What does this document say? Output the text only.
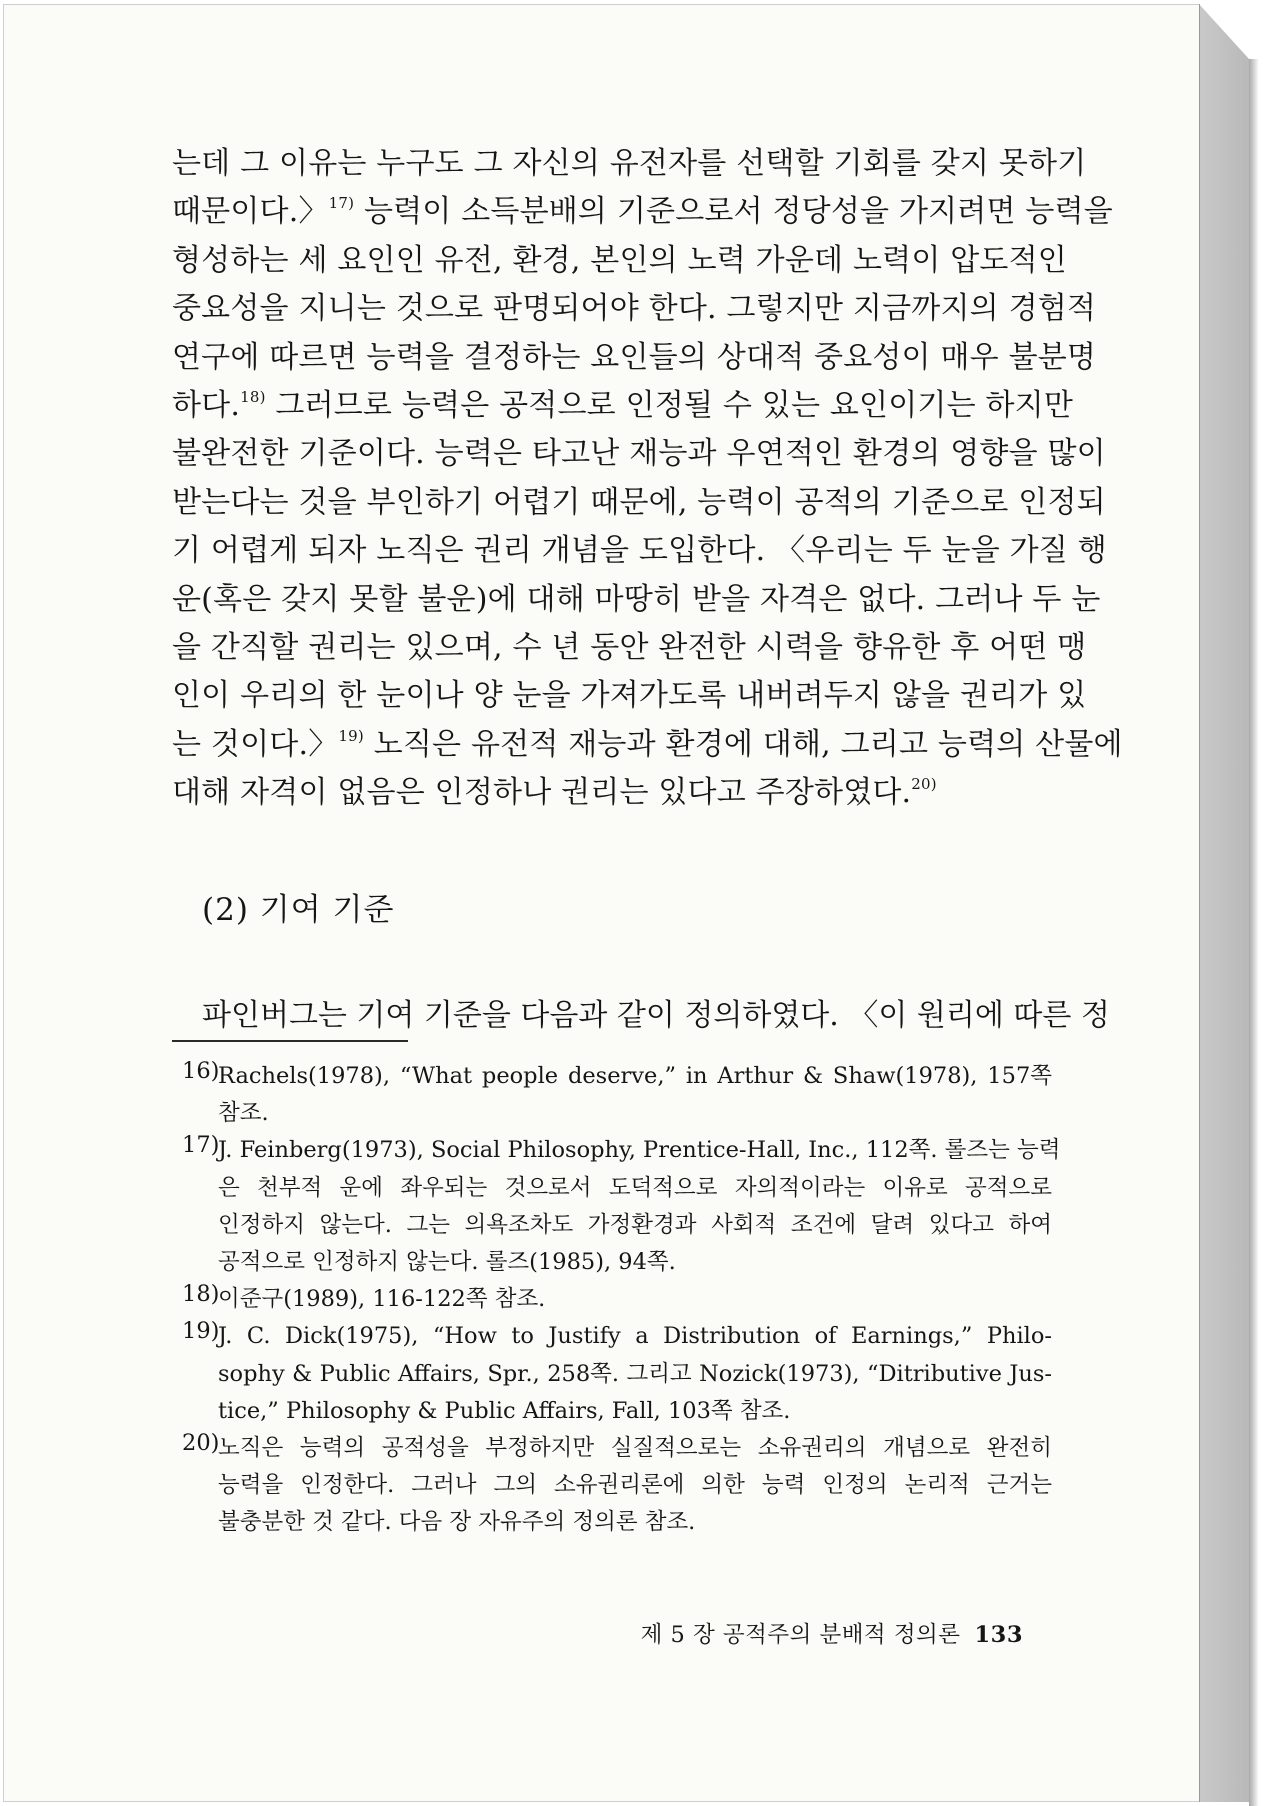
는데 그 이유는 누구도 그 자신의 유전자를 선택할 기회를 갖지 못하기
때문이다.〉$^{17)}$ 능력이 소득분배의 기준으로서 정당성을 가지려면 능력을
형성하는 세 요인인 유전, 환경, 본인의 노력 가운데 노력이 압도적인
중요성을 지니는 것으로 판명되어야 한다. 그렇지만 지금까지의 경험적
연구에 따르면 능력을 결정하는 요인들의 상대적 중요성이 매우 불분명
하다.$^{18)}$ 그러므로 능력은 공적으로 인정될 수 있는 요인이기는 하지만
불완전한 기준이다. 능력은 타고난 재능과 우연적인 환경의 영향을 많이
받는다는 것을 부인하기 어렵기 때문에, 능력이 공적의 기준으로 인정되
기 어렵게 되자 노직은 권리 개념을 도입한다. 〈우리는 두 눈을 가질 행
운(혹은 갖지 못할 불운)에 대해 마땅히 받을 자격은 없다. 그러나 두 눈
을 간직할 권리는 있으며, 수 년 동안 완전한 시력을 향유한 후 어떤 맹
인이 우리의 한 눈이나 양 눈을 가져가도록 내버려두지 않을 권리가 있
는 것이다.〉$^{19)}$ 노직은 유전적 재능과 환경에 대해, 그리고 능력의 산물에
대해 자격이 없음은 인정하나 권리는 있다고 주장하였다.$^{20)}$
(2) 기여 기준
파인버그는 기여 기준을 다음과 같이 정의하였다. 〈이 원리에 따른 정
16)
Rachels(1978), “What people deserve,” in Arthur & Shaw(1978), 157쪽
참조.
17)
J. Feinberg(1973), Social Philosophy, Prentice-Hall, Inc., 112쪽. 롤즈는 능력
은 천부적 운에 좌우되는 것으로서 도덕적으로 자의적이라는 이유로 공적으로
인정하지 않는다. 그는 의욕조차도 가정환경과 사회적 조건에 달려 있다고 하여
공적으로 인정하지 않는다. 롤즈(1985), 94쪽.
18)
이준구(1989), 116-122쪽 참조.
19)
J. C. Dick(1975), “How to Justify a Distribution of Earnings,” Philo-
sophy & Public Affairs, Spr., 258쪽. 그리고 Nozick(1973), “Ditributive Jus-
tice,” Philosophy & Public Affairs, Fall, 103쪽 참조.
20)
노직은 능력의 공적성을 부정하지만 실질적으로는 소유권리의 개념으로 완전히
능력을 인정한다. 그러나 그의 소유권리론에 의한 능력 인정의 논리적 근거는
불충분한 것 같다. 다음 장 자유주의 정의론 참조.
제 5 장 공적주의 분배적 정의론 133
